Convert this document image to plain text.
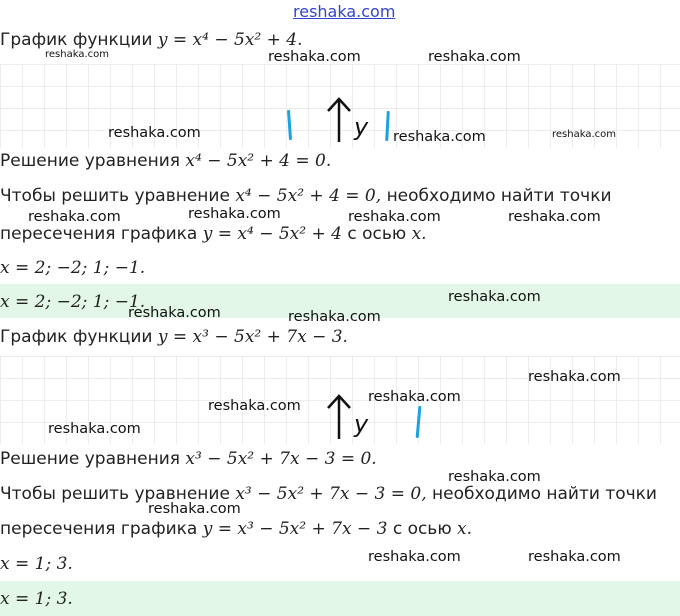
reshaka.com
График функции y = x⁴ − 5x² + 4.
y
Решение уравнения x⁴ − 5x² + 4 = 0.
Чтобы решить уравнение x⁴ − 5x² + 4 = 0, необходимо найти точки
пересечения графика y = x⁴ − 5x² + 4 с осью x.
x = 2; −2; 1; −1.
x = 2; −2; 1; −1.
График функции y = x³ − 5x² + 7x − 3.
y
Решение уравнения x³ − 5x² + 7x − 3 = 0.
Чтобы решить уравнение x³ − 5x² + 7x − 3 = 0, необходимо найти точки
пересечения графика y = x³ − 5x² + 7x − 3 с осью x.
x = 1; 3.
x = 1; 3.
reshaka.com	reshaka.com	reshaka.com
reshaka.com	reshaka.com	reshaka.com
reshaka.com	reshaka.com	reshaka.com	reshaka.com
reshaka.com
reshaka.com	reshaka.com
reshaka.com
reshaka.com
reshaka.com
reshaka.com
reshaka.com
reshaka.com
reshaka.com	reshaka.com
